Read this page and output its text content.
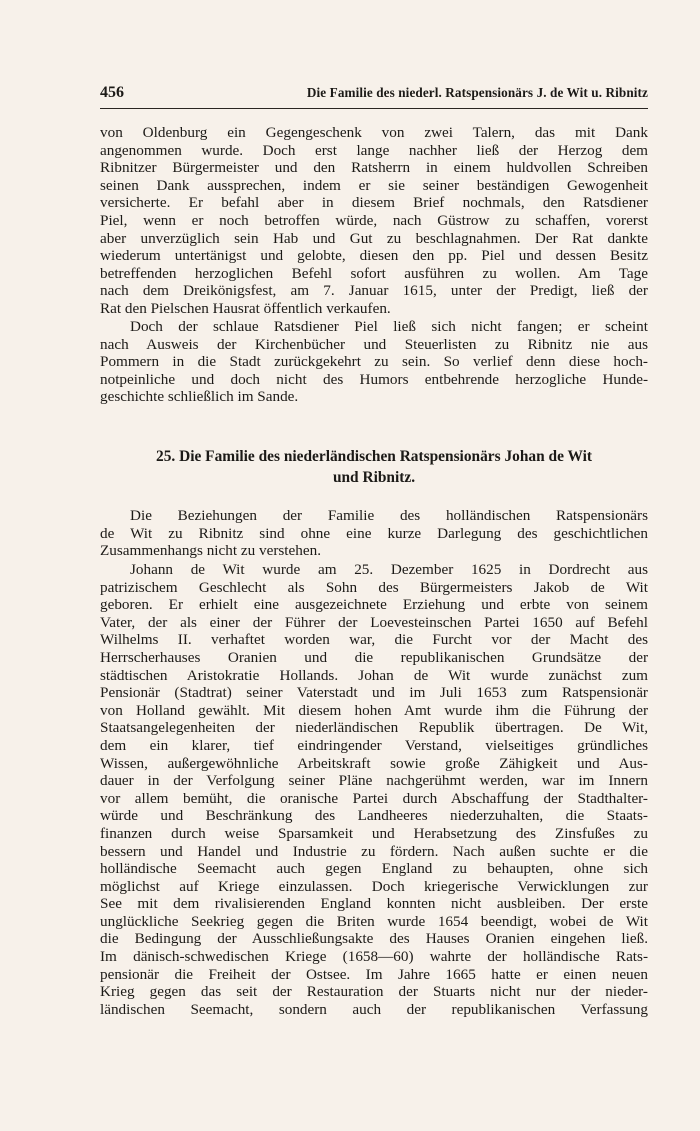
456	Die Familie des niederl. Ratspensionärs J. de Wit u. Ribnitz
von Oldenburg ein Gegengeschenk von zwei Talern, das mit Dank
angenommen wurde. Doch erst lange nachher ließ der Herzog dem
Ribnitzer Bürgermeister und den Ratsherrn in einem huldvollen Schreiben
seinen Dank aussprechen, indem er sie seiner beständigen Gewogenheit
versicherte. Er befahl aber in diesem Brief nochmals, den Ratsdiener
Piel, wenn er noch betroffen würde, nach Güstrow zu schaffen, vorerst
aber unverzüglich sein Hab und Gut zu beschlagnahmen. Der Rat dankte
wiederum untertänigst und gelobte, diesen den pp. Piel und dessen Besitz
betreffenden herzoglichen Befehl sofort ausführen zu wollen. Am Tage
nach dem Dreikönigsfest, am 7. Januar 1615, unter der Predigt, ließ der
Rat den Pielschen Hausrat öffentlich verkaufen.
Doch der schlaue Ratsdiener Piel ließ sich nicht fangen; er scheint
nach Ausweis der Kirchenbücher und Steuerlisten zu Ribnitz nie aus
Pommern in die Stadt zurückgekehrt zu sein. So verlief denn diese hoch-
notpeinliche und doch nicht des Humors entbehrende herzogliche Hunde-
geschichte schließlich im Sande.
25. Die Familie des niederländischen Ratspensionärs Johan de Wit
und Ribnitz.
Die Beziehungen der Familie des holländischen Ratspensionärs
de Wit zu Ribnitz sind ohne eine kurze Darlegung des geschichtlichen
Zusammenhangs nicht zu verstehen.
Johann de Wit wurde am 25. Dezember 1625 in Dordrecht aus
patrizischem Geschlecht als Sohn des Bürgermeisters Jakob de Wit
geboren. Er erhielt eine ausgezeichnete Erziehung und erbte von seinem
Vater, der als einer der Führer der Loevesteinschen Partei 1650 auf Befehl
Wilhelms II. verhaftet worden war, die Furcht vor der Macht des
Herrscherhauses Oranien und die republikanischen Grundsätze der
städtischen Aristokratie Hollands. Johan de Wit wurde zunächst zum
Pensionär (Stadtrat) seiner Vaterstadt und im Juli 1653 zum Ratspensionär
von Holland gewählt. Mit diesem hohen Amt wurde ihm die Führung der
Staatsangelegenheiten der niederländischen Republik übertragen. De Wit,
dem ein klarer, tief eindringender Verstand, vielseitiges gründliches
Wissen, außergewöhnliche Arbeitskraft sowie große Zähigkeit und Aus-
dauer in der Verfolgung seiner Pläne nachgerühmt werden, war im Innern
vor allem bemüht, die oranische Partei durch Abschaffung der Stadthalter-
würde und Beschränkung des Landheeres niederzuhalten, die Staats-
finanzen durch weise Sparsamkeit und Herabsetzung des Zinsfußes zu
bessern und Handel und Industrie zu fördern. Nach außen suchte er die
holländische Seemacht auch gegen England zu behaupten, ohne sich
möglichst auf Kriege einzulassen. Doch kriegerische Verwicklungen zur
See mit dem rivalisierenden England konnten nicht ausbleiben. Der erste
unglückliche Seekrieg gegen die Briten wurde 1654 beendigt, wobei de Wit
die Bedingung der Ausschließungsakte des Hauses Oranien eingehen ließ.
Im dänisch-schwedischen Kriege (1658—60) wahrte der holländische Rats-
pensionär die Freiheit der Ostsee. Im Jahre 1665 hatte er einen neuen
Krieg gegen das seit der Restauration der Stuarts nicht nur der nieder-
ländischen Seemacht, sondern auch der republikanischen Verfassung
